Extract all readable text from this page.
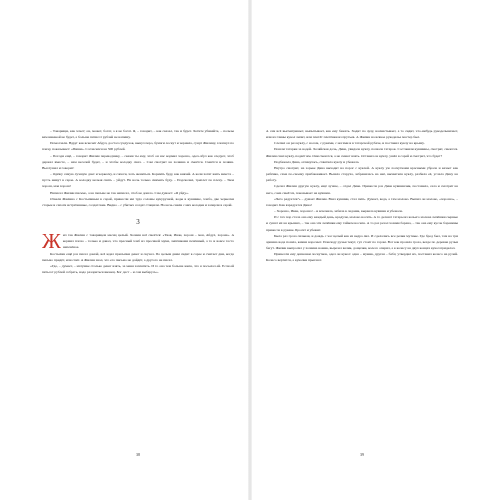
– Товарищи, как хочет; он, может, богат, а я не богат. Я, – говорит, – как сказал, так и будет. Хотите убивайте, – пользы вам никакой не будет, а больше пятисот рублей не напишу.

Помолчали. Вдруг как вскочит Абдул, достал сундучок, вынул перо, бумаги лоскут и чернила, сунул Жилину, хлопнул по плечу, показывает: «Пиши». Согласился на 500 рублей.

– Погоди ещё, – говорит Жилин переводчику, – скажи ты ему, чтоб он нас кормил хорошо, одел-обул как следует, чтоб держал вместе, – нам веселей будет, – и чтобы колодку снял. – Сам смотрит на хозяина и смеётся. Смеётся и хозяин. Выслушал и говорит:

– Одёжу самую лучшую дам: и черкеску, и сапоги, хоть жениться. Кормить буду, как князей. А коли хотят жить вместе – пусть живут в сарае. А колодку нельзя снять – уйдут. На ночь только снимать буду. – Подскочил, треплет по плечу. – Твоя хорош, моя хорош!

Написал Жилин письмо, а на письме не так написал, чтоб не дошло. Сам думает: «Я уйду».

Отвели Жилина с Костылиным в сарай, принесли им туда соломы кукурузной, воды в кувшине, хлеба, две черкески старые и сапоги истрёпанные, солдатские. Видно – с убитых солдат стащили. На ночь сняли с них колодки и заперли в сарай.

3

Жил так Жилин с товарищем месяц целый. Хозяин всё смеётся: «Твоя, Иван, хорош – моя, Абдул, хорош». А кормил плохо – только и давал, что пресный хлеб из просяной муки, лепёшками печённый, а то и вовсе тесто непечёное.

Костылин ещё раз писал домой, всё ждал присылки денег и скучал. По целым дням сидит в сарае и считает дни, когда письмо придёт, или спит. А Жилин знал, что его письмо не дойдёт, а другого не писал.

«Где, – думает, – матушке столько денег взять, за меня заплатить. И то она тем больше жила, что я посылал ей. Если ей пятьсот рублей собрать, надо разориться вконец. Бог даст – и сам выберусь».

38

А сам всё высматривает, выпытывает, как ему бежать. Ходит по аулу, насвистывает, а то сидит, что-нибудь рукодельничает, или из глины кукол лепит, или плетёт плетёнки из прутьев. А Жилин на всякое рукоделье мастер был.

Слепил он раз куклу, с носом, с руками, с ногами и в татарской рубахе, и поставил куклу на крышу.

Пошли татарки за водой. Хозяйская дочь, Дина, увидала куклу, позвала татарок. Составили кувшины, смотрят, смеются. Жилин снял куклу, подаёт им. Они смеются, а не смеют взять. Оставил он куклу, ушёл в сарай и смотрит, что будет?

Подбежала Дина, оглянулась, схватила куклу и убежала.

Наутро смотрит, на зорьке Дина выходит на порог с куклой. А куклу уж лоскутками красными убрала и качает как ребёнка, сама по-своему прибаюкивает. Вышла старуха, забранилась на неё, выхватила куклу, разбила её, услала Дину на работу.

Сделал Жилин другую куклу, ещё лучше, – отдал Дине. Принесла раз Дина кувшинчик, поставила, села и смотрит на него, сама смеётся, показывает на кувшин.

«Чего радуется?» – думает Жилин. Взял кувшин, стал пить. Думает, вода, а там молоко. Выпил он молоко, «хорошо», – говорит. Как взрадуется Дина!

– Хорошо, Иван, хорошо! – и вскочила, забила в ладоши, вырвала кувшин и убежала.

И с тех пор стала она ему каждый день, крадучи, молоко носить. А то делают татары из козьего молока лепёшки сырные и сушат их на крышах, – так она эти лепёшки ему тайком носила. А то раз резал хозяин барана, – так она ему кусок баранины принесла в рукаве. Бросит и убежит.

Была раз гроза сильная, и дождь с час целый как из ведра лил. И сделались все речки мутные. Где брод был, там на три аршина вода пошла, камни ворочает. Повсюду ручьи текут, гул стоит по горам. Вот как прошла гроза, везде по деревне ручьи бегут. Жилин выпросил у хозяина ножик, вырезал валик, дощечки, колесо оперил, а к колесу на двух концах кукол приделал.

Принесли ему девчонки лоскутков, одел он кукол: одна – мужик, другая – баба; утвердил их, поставил колесо на ручей. Колесо вертится, а куколки прыгают.

39
